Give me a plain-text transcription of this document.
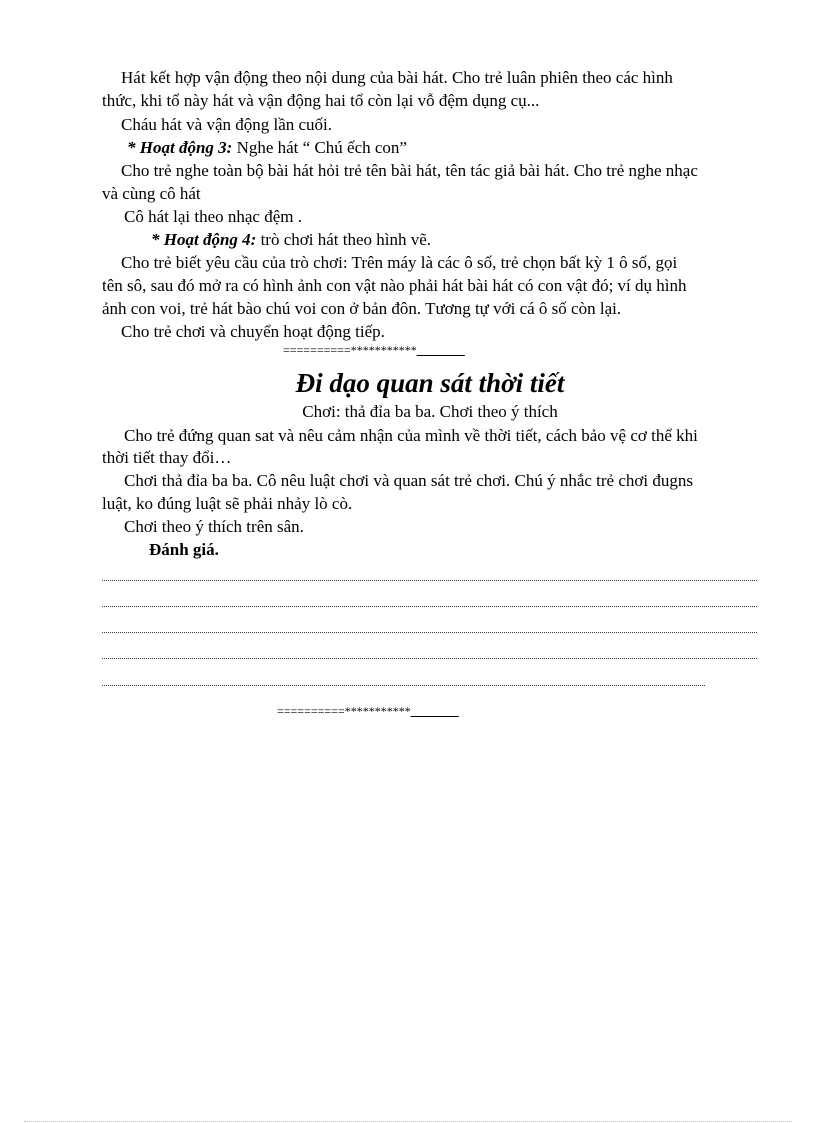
Hát kết hợp vận động theo nội dung của bài hát. Cho trẻ luân phiên theo các hình
thức, khi tổ này hát và vận động hai tổ còn lại vỗ đệm dụng cụ...
Cháu hát và vận động lần cuối.
* Hoạt động 3: Nghe hát “ Chú ếch con”
Cho trẻ nghe toàn bộ bài hát hỏi trẻ tên bài hát, tên tác giả bài hát. Cho trẻ nghe nhạc
và cùng cô hát
Cô hát lại theo nhạc đệm .
* Hoạt động 4: trò chơi hát theo hình vẽ.
Cho trẻ biết yêu cầu của trò chơi: Trên máy là các ô số, trẻ chọn bất kỳ 1 ô số, gọi
tên sô, sau đó mở ra có hình ảnh con vật nào phải hát bài hát có con vật đó; ví dụ hình
ảnh con voi, trẻ hát bào chú voi con ở bản đôn. Tương tự với cá ô số còn lại.
Cho trẻ chơi và chuyển hoạt động tiếp.
==========***********________
Đi dạo quan sát thời tiết
Chơi: thả đỉa ba ba. Chơi theo ý thích
Cho trẻ đứng quan sat và nêu cảm nhận của mình về thời tiết, cách bảo vệ cơ thể khi
thời tiết thay đổi…
Chơi thả đỉa ba ba. Cô nêu luật chơi và quan sát trẻ chơi. Chú ý nhắc trẻ chơi đugns
luật, ko đúng luật sẽ phải nhảy lò cò.
Chơi theo ý thích trên sân.
Đánh giá.
==========***********________
